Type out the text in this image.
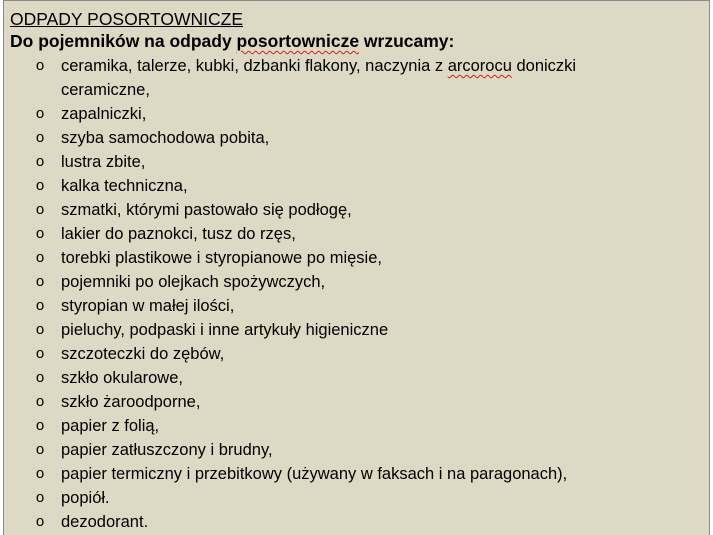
ODPADY POSORTOWNICZE

Do pojemników na odpady posortownicze wrzucamy:

o ceramika, talerze, kubki, dzbanki flakony, naczynia z arcorocu doniczki ceramiczne,
o zapalniczki,
o szyba samochodowa pobita,
o lustra zbite,
o kalka techniczna,
o szmatki, którymi pastowało się podłogę,
o lakier do paznokci, tusz do rzęs,
o torebki plastikowe i styropianowe po mięsie,
o pojemniki po olejkach spożywczych,
o styropian w małej ilości,
o pieluchy, podpaski i inne artykuły higieniczne
o szczoteczki do zębów,
o szkło okularowe,
o szkło żaroodporne,
o papier z folią,
o papier zatłuszczony i brudny,
o papier termiczny i przebitkowy (używany w faksach i na paragonach),
o popiół.
o dezodorant.
